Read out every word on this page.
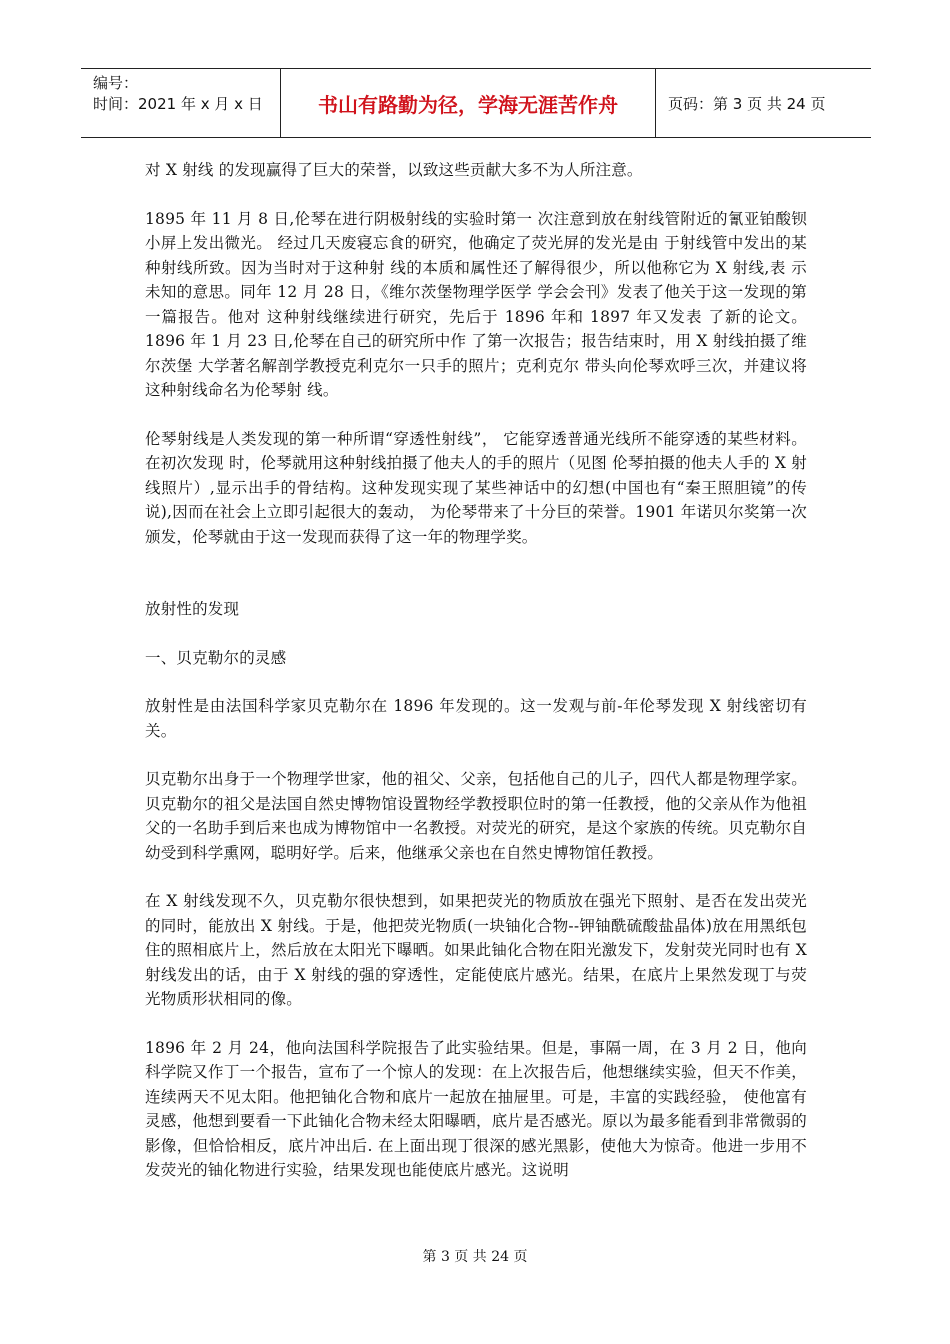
编号：
时间：2021 年 x 月 x 日	书山有路勤为径，学海无涯苦作舟	页码：第 3 页 共 24 页

对 X 射线 的发现赢得了巨大的荣誉，以致这些贡献大多不为人所注意。

1895 年 11 月 8 日,伦琴在进行阴极射线的实验时第一 次注意到放在射线管附近的氰亚铂酸钡小屏上发出微光。 经过几天废寝忘食的研究，他确定了荧光屏的发光是由 于射线管中发出的某种射线所致。因为当时对于这种射 线的本质和属性还了解得很少，所以他称它为 X 射线,表 示未知的意思。同年 12 月 28 日，《维尔茨堡物理学医学 学会会刊》发表了他关于这一发现的第一篇报告。他对 这种射线继续进行研究，先后于 1896 年和 1897 年又发表 了新的论文。1896 年 1 月 23 日,伦琴在自己的研究所中作 了第一次报告；报告结束时，用 X 射线拍摄了维尔茨堡 大学著名解剖学教授克利克尔一只手的照片；克利克尔 带头向伦琴欢呼三次，并建议将这种射线命名为伦琴射 线。

伦琴射线是人类发现的第一种所谓“穿透性射线”， 它能穿透普通光线所不能穿透的某些材料。在初次发现 时，伦琴就用这种射线拍摄了他夫人的手的照片（见图 伦琴拍摄的他夫人手的 X 射线照片）,显示出手的骨结构。这种发现实现了某些神话中的幻想(中国也有“秦王照胆镜”的传说),因而在社会上立即引起很大的轰动， 为伦琴带来了十分巨的荣誉。1901 年诺贝尔奖第一次颁发，伦琴就由于这一发现而获得了这一年的物理学奖。

放射性的发现

一、贝克勒尔的灵感

放射性是由法国科学家贝克勒尔在 1896 年发现的。这一发观与前-年伦琴发现 X 射线密切有关。

贝克勒尔出身于一个物理学世家，他的祖父、父亲，包括他自己的儿子，四代人都是物理学家。贝克勒尔的祖父是法国自然史博物馆设置物经学教授职位时的第一任教授，他的父亲从作为他祖父的一名助手到后来也成为博物馆中一名教授。对荧光的研究，是这个家族的传统。贝克勒尔自幼受到科学熏网，聪明好学。后来，他继承父亲也在自然史博物馆任教授。

在 X 射线发现不久，贝克勒尔很快想到，如果把荧光的物质放在强光下照射、是否在发出荧光的同时，能放出 X 射线。于是，他把荧光物质(一块铀化合物--钾铀酰硫酸盐晶体)放在用黑纸包住的照相底片上，然后放在太阳光下曝晒。如果此铀化合物在阳光激发下，发射荧光同时也有 X 射线发出的话，由于 X 射线的强的穿透性，定能使底片感光。结果，在底片上果然发现丁与荧光物质形状相同的像。

1896 年 2 月 24，他向法国科学院报告了此实验结果。但是，事隔一周，在 3 月 2 日，他向科学院又作丁一个报告，宣布了一个惊人的发现：在上次报告后，他想继续实验，但天不作美，连续两天不见太阳。他把铀化合物和底片一起放在抽屉里。可是，丰富的实践经验， 使他富有灵感，他想到要看一下此铀化合物未经太阳曝晒，底片是否感光。原以为最多能看到非常微弱的影像，但恰恰相反，底片冲出后. 在上面出现丁很深的感光黑影，使他大为惊奇。他进一步用不发荧光的铀化物进行实验，结果发现也能使底片感光。这说明

第 3 页 共 24 页
